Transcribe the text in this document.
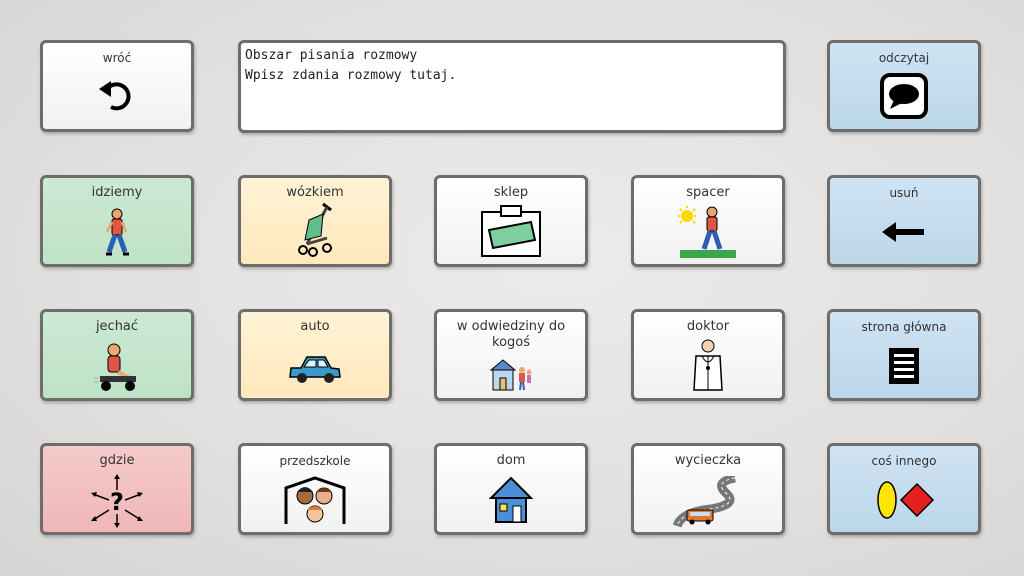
wróć	Obszar pisania rozmowy
Wpisz zdania rozmowy tutaj.
odczytaj
idziemy	wózkiem	sklep	spacer	usuń
jechać	auto	w odwiedziny do kogoś
doktor	strona główna
gdzie
?
przedszkole	dom	wycieczka	coś innego
